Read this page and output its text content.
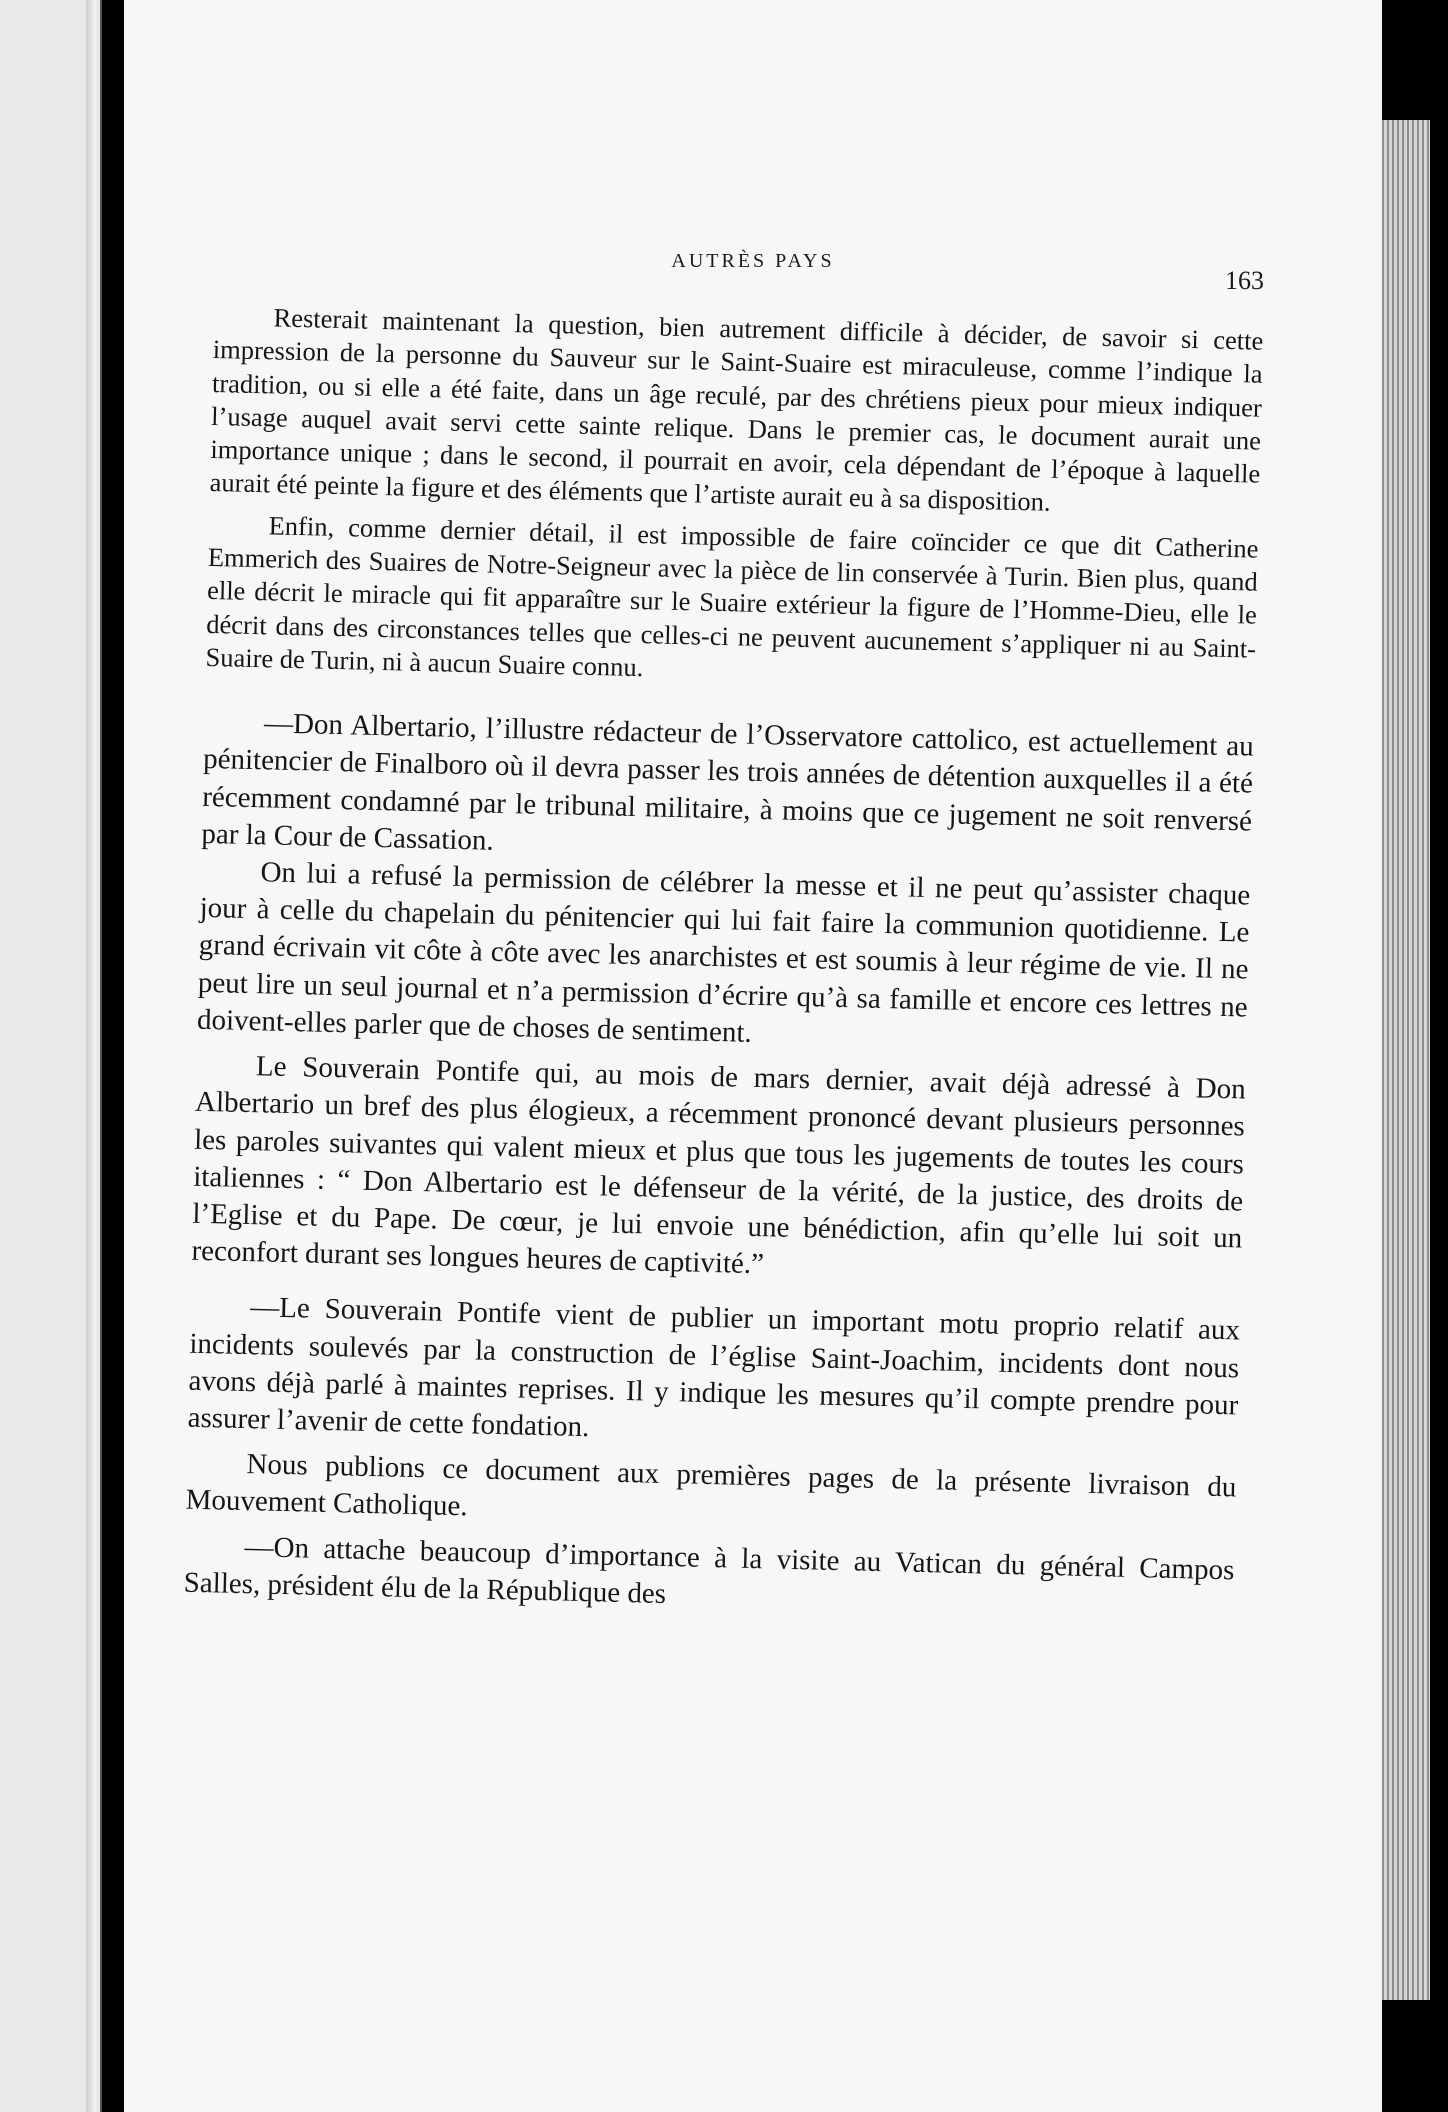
AUTRÈS PAYS
163

Resterait maintenant la question, bien autrement difficile à décider, de savoir si cette impression de la personne du Sauveur sur le Saint-Suaire est miraculeuse, comme l’indique la tradition, ou si elle a été faite, dans un âge reculé, par des chrétiens pieux pour mieux indiquer l’usage auquel avait servi cette sainte relique. Dans le premier cas, le document aurait une importance unique ; dans le second, il pourrait en avoir, cela dépendant de l’époque à laquelle aurait été peinte la figure et des éléments que l’artiste aurait eu à sa disposition.

Enfin, comme dernier détail, il est impossible de faire coïncider ce que dit Catherine Emmerich des Suaires de Notre-Seigneur avec la pièce de lin conservée à Turin. Bien plus, quand elle décrit le miracle qui fit apparaître sur le Suaire extérieur la figure de l’Homme-Dieu, elle le décrit dans des circonstances telles que celles-ci ne peuvent aucunement s’appliquer ni au Saint-Suaire de Turin, ni à aucun Suaire connu.

—Don Albertario, l’illustre rédacteur de l’Osservatore cattolico, est actuellement au pénitencier de Finalboro où il devra passer les trois années de détention auxquelles il a été récemment condamné par le tribunal militaire, à moins que ce jugement ne soit renversé par la Cour de Cassation.

On lui a refusé la permission de célébrer la messe et il ne peut qu’assister chaque jour à celle du chapelain du pénitencier qui lui fait faire la communion quotidienne. Le grand écrivain vit côte à côte avec les anarchistes et est soumis à leur régime de vie. Il ne peut lire un seul journal et n’a permission d’écrire qu’à sa famille et encore ces lettres ne doivent-elles parler que de choses de sentiment.

Le Souverain Pontife qui, au mois de mars dernier, avait déjà adressé à Don Albertario un bref des plus élogieux, a récemment prononcé devant plusieurs personnes les paroles suivantes qui valent mieux et plus que tous les jugements de toutes les cours italiennes : “ Don Albertario est le défenseur de la vérité, de la justice, des droits de l’Eglise et du Pape. De cœur, je lui envoie une bénédiction, afin qu’elle lui soit un reconfort durant ses longues heures de captivité.”

—Le Souverain Pontife vient de publier un important motu proprio relatif aux incidents soulevés par la construction de l’église Saint-Joachim, incidents dont nous avons déjà parlé à maintes reprises. Il y indique les mesures qu’il compte prendre pour assurer l’avenir de cette fondation.

Nous publions ce document aux premières pages de la présente livraison du Mouvement Catholique.

—On attache beaucoup d’importance à la visite au Vatican du général Campos Salles, président élu de la République des
